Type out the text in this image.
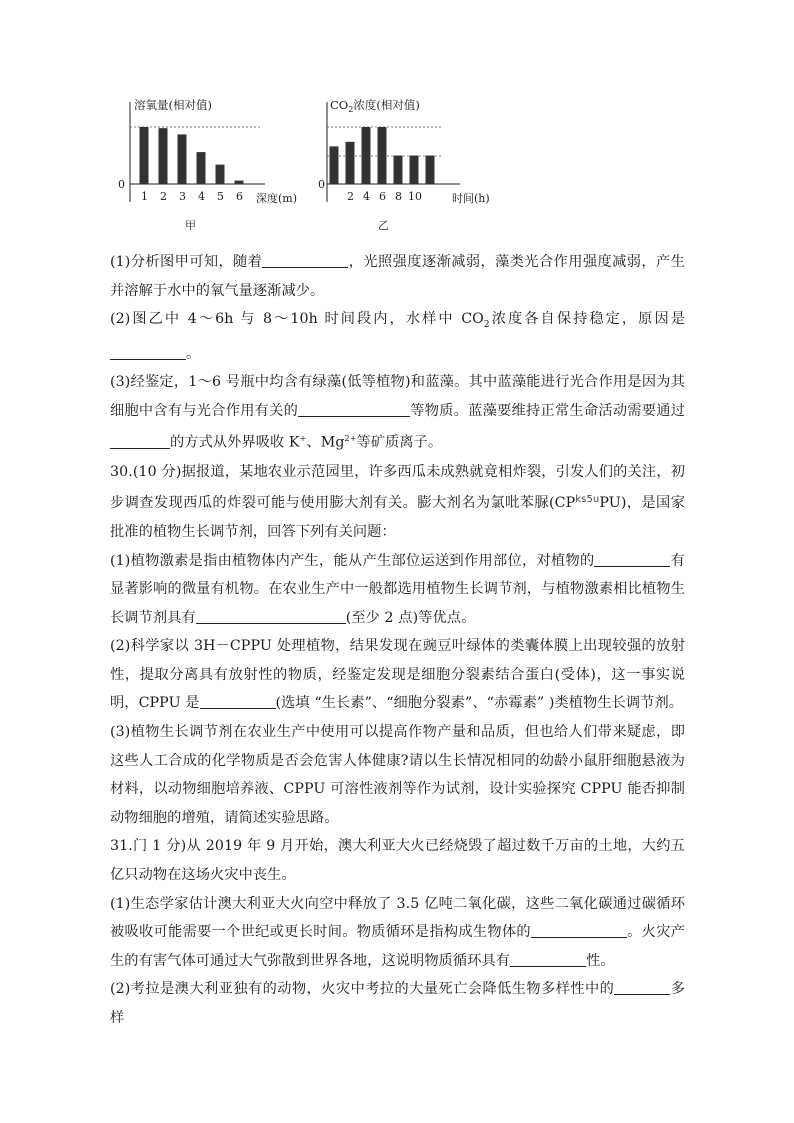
溶氧量(相对值)
0
1 2 3 4 5 6 深度(m)
甲
$CO_2$浓度(相对值)
0
2 4 6 8 10	时间(h)
乙

(1)分析图甲可知，随着	，光照强度逐渐减弱，藻类光合作用强度减弱，产生并溶解于水中的氧气量逐渐减少。

(2)图乙中 4～6h 与 8～10h 时间段内，水样中 $CO_2$浓度各自保持稳定，原因是。

(3)经鉴定，1～6 号瓶中均含有绿藻(低等植物)和蓝藻。其中蓝藻能进行光合作用是因为其细胞中含有与光合作用有关的	等物质。蓝藻要维持正常生命活动需要通过的方式从外界吸收 K+、$Mg^{2+}$等矿质离子。

30.(10 分)据报道，某地农业示范园里，许多西瓜未成熟就竟相炸裂，引发人们的关注，初步调查发现西瓜的炸裂可能与使用膨大剂有关。膨大剂名为氯吡苯脲$(CP^{ks5u}PU)$，是国家批准的植物生长调节剂，回答下列有关问题：

(1)植物激素是指由植物体内产生，能从产生部位运送到作用部位，对植物的	有显著影响的微量有机物。在农业生产中一般都选用植物生长调节剂，与植物激素相比植物生长调节剂具有	(至少 2 点)等优点。

(2)科学家以 3H－CPPU 处理植物，结果发现在豌豆叶绿体的类囊体膜上出现较强的放射性，提取分离具有放射性的物质，经鉴定发现是细胞分裂素结合蛋白(受体)，这一事实说明，CPPU 是	(选填 “生长素”、“细胞分裂素”、“赤霉素” )类植物生长调节剂。

(3)植物生长调节剂在农业生产中使用可以提高作物产量和品质，但也给人们带来疑虑，即这些人工合成的化学物质是否会危害人体健康?请以生长情况相同的幼龄小鼠肝细胞悬液为材料，以动物细胞培养液、CPPU 可溶性液剂等作为试剂，设计实验探究 CPPU 能否抑制动物细胞的增殖，请简述实验思路。

31.门 1 分)从 2019 年 9 月开始，澳大利亚大火已经烧毁了超过数千万亩的土地，大约五亿只动物在这场火灾中丧生。

(1)生态学家估计澳大利亚大火向空中释放了 3.5 亿吨二氧化碳，这些二氧化碳通过碳循环被吸收可能需要一个世纪或更长时间。物质循环是指构成生物体的	。火灾产生的有害气体可通过大气弥散到世界各地，这说明物质循环具有	性。

(2)考拉是澳大利亚独有的动物，火灾中考拉的大量死亡会降低生物多样性中的	多样
